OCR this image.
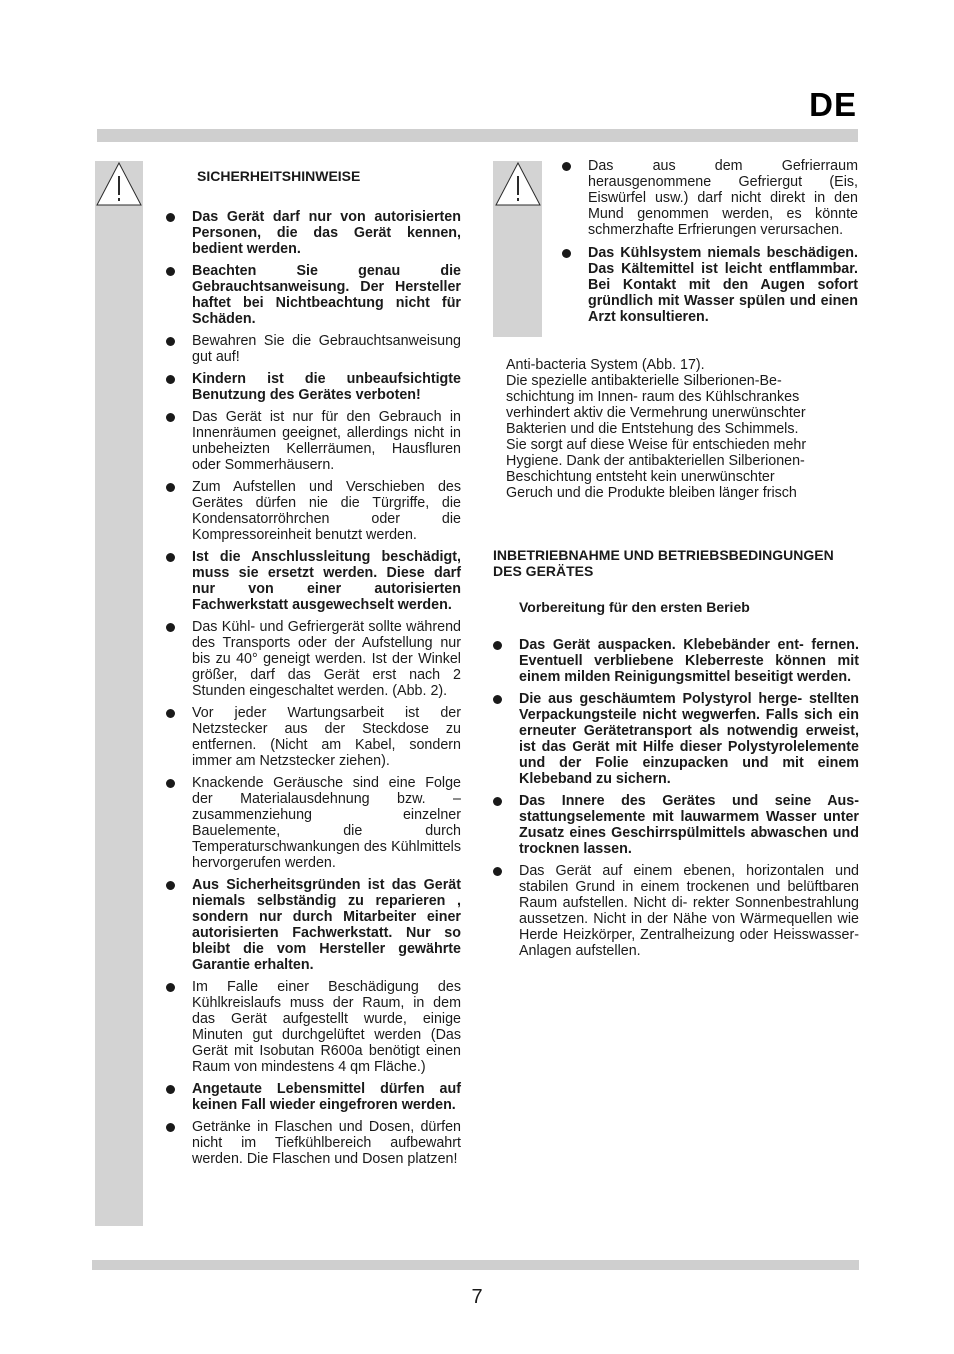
DE
SICHERHEITSHINWEISE
Das Gerät darf nur von autorisierten Personen, die das Gerät kennen, bedient werden.
Beachten Sie genau die Gebrauchtsanweisung. Der Hersteller haftet bei Nichtbeachtung nicht für Schäden.
Bewahren Sie die Gebrauchtsanweisung gut auf!
Kindern ist die unbeaufsichtigte Benutzung des Gerätes verboten!
Das Gerät ist nur für den Gebrauch in Innenräumen geeignet, allerdings nicht in unbeheizten Kellerräumen, Hausfluren oder Sommerhäusern.
Zum Aufstellen und Verschieben des Gerätes dürfen nie die Türgriffe, die Kondensatorröhrchen oder die Kompressoreinheit benutzt werden.
Ist die Anschlussleitung beschädigt, muss sie ersetzt werden. Diese darf nur von einer autorisierten Fachwerkstatt ausgewechselt werden.
Das Kühl- und Gefriergerät sollte während des Transports oder der Aufstellung nur bis zu 40° geneigt werden. Ist der Winkel größer, darf das Gerät erst nach 2 Stunden eingeschaltet werden. (Abb. 2).
Vor jeder Wartungsarbeit ist der Netzstecker aus der Steckdose zu entfernen. (Nicht am Kabel, sondern immer am Netzstecker ziehen).
Knackende Geräusche sind eine Folge der Materialausdehnung bzw. –zusammenziehung einzelner Bauelemente, die durch Temperaturschwankungen des Kühlmittels hervorgerufen werden.
Aus Sicherheitsgründen ist das Gerät niemals selbständig zu reparieren , sondern nur durch Mitarbeiter einer autorisierten Fachwerkstatt. Nur so bleibt die vom Hersteller gewährte Garantie erhalten.
Im Falle einer Beschädigung des Kühlkreislaufs muss der Raum, in dem das Gerät aufgestellt wurde, einige Minuten gut durchgelüftet werden (Das Gerät mit Isobutan R600a benötigt einen Raum von mindestens 4 qm Fläche.)
Angetaute Lebensmittel dürfen auf keinen Fall wieder eingefroren werden.
Getränke in Flaschen und Dosen, dürfen nicht im Tiefkühlbereich aufbewahrt werden. Die Flaschen und Dosen platzen!
Das aus dem Gefrierraum herausgenommene Gefriergut (Eis, Eiswürfel usw.) darf nicht direkt in den Mund genommen werden, es könnte schmerzhafte Erfrierungen verursachen.
Das Kühlsystem niemals beschädigen. Das Kältemittel ist leicht entflammbar. Bei Kontakt mit den Augen sofort gründlich mit Wasser spülen und einen Arzt konsultieren.
Anti-bacteria System (Abb. 17).
Die spezielle antibakterielle Silberionen-Be-
schichtung im Innen- raum des Kühlschrankes
verhindert aktiv die Vermehrung unerwünschter
Bakterien und die Entstehung des Schimmels.
Sie sorgt auf diese Weise für entschieden mehr
Hygiene. Dank der antibakteriellen Silberionen-
Beschichtung entsteht kein unerwünschter
Geruch und die Produkte bleiben länger frisch
INBETRIEBNAHME UND BETRIEBSBEDINGUNGEN DES GERÄTES
Vorbereitung für den ersten Berieb
Das Gerät auspacken. Klebebänder ent- fernen. Eventuell verbliebene Kleberreste können mit einem milden Reinigungsmittel beseitigt werden.
Die aus geschäumtem Polystyrol herge- stellten Verpackungsteile nicht wegwerfen. Falls sich ein erneuter Gerätetransport als notwendig erweist, ist das Gerät mit Hilfe dieser Polystyrolelemente und der Folie einzupacken und mit einem Klebeband zu sichern.
Das Innere des Gerätes und seine Aus- stattungselemente mit lauwarmem Wasser unter Zusatz eines Geschirrspülmittels abwaschen und trocknen lassen.
Das Gerät auf einem ebenen, horizontalen und stabilen Grund in einem trockenen und belüftbaren Raum aufstellen. Nicht di- rekter Sonnenbestrahlung aussetzen. Nicht in der Nähe von Wärmequellen wie Herde Heizkörper, Zentralheizung oder Heisswasser- Anlagen aufstellen.
7
